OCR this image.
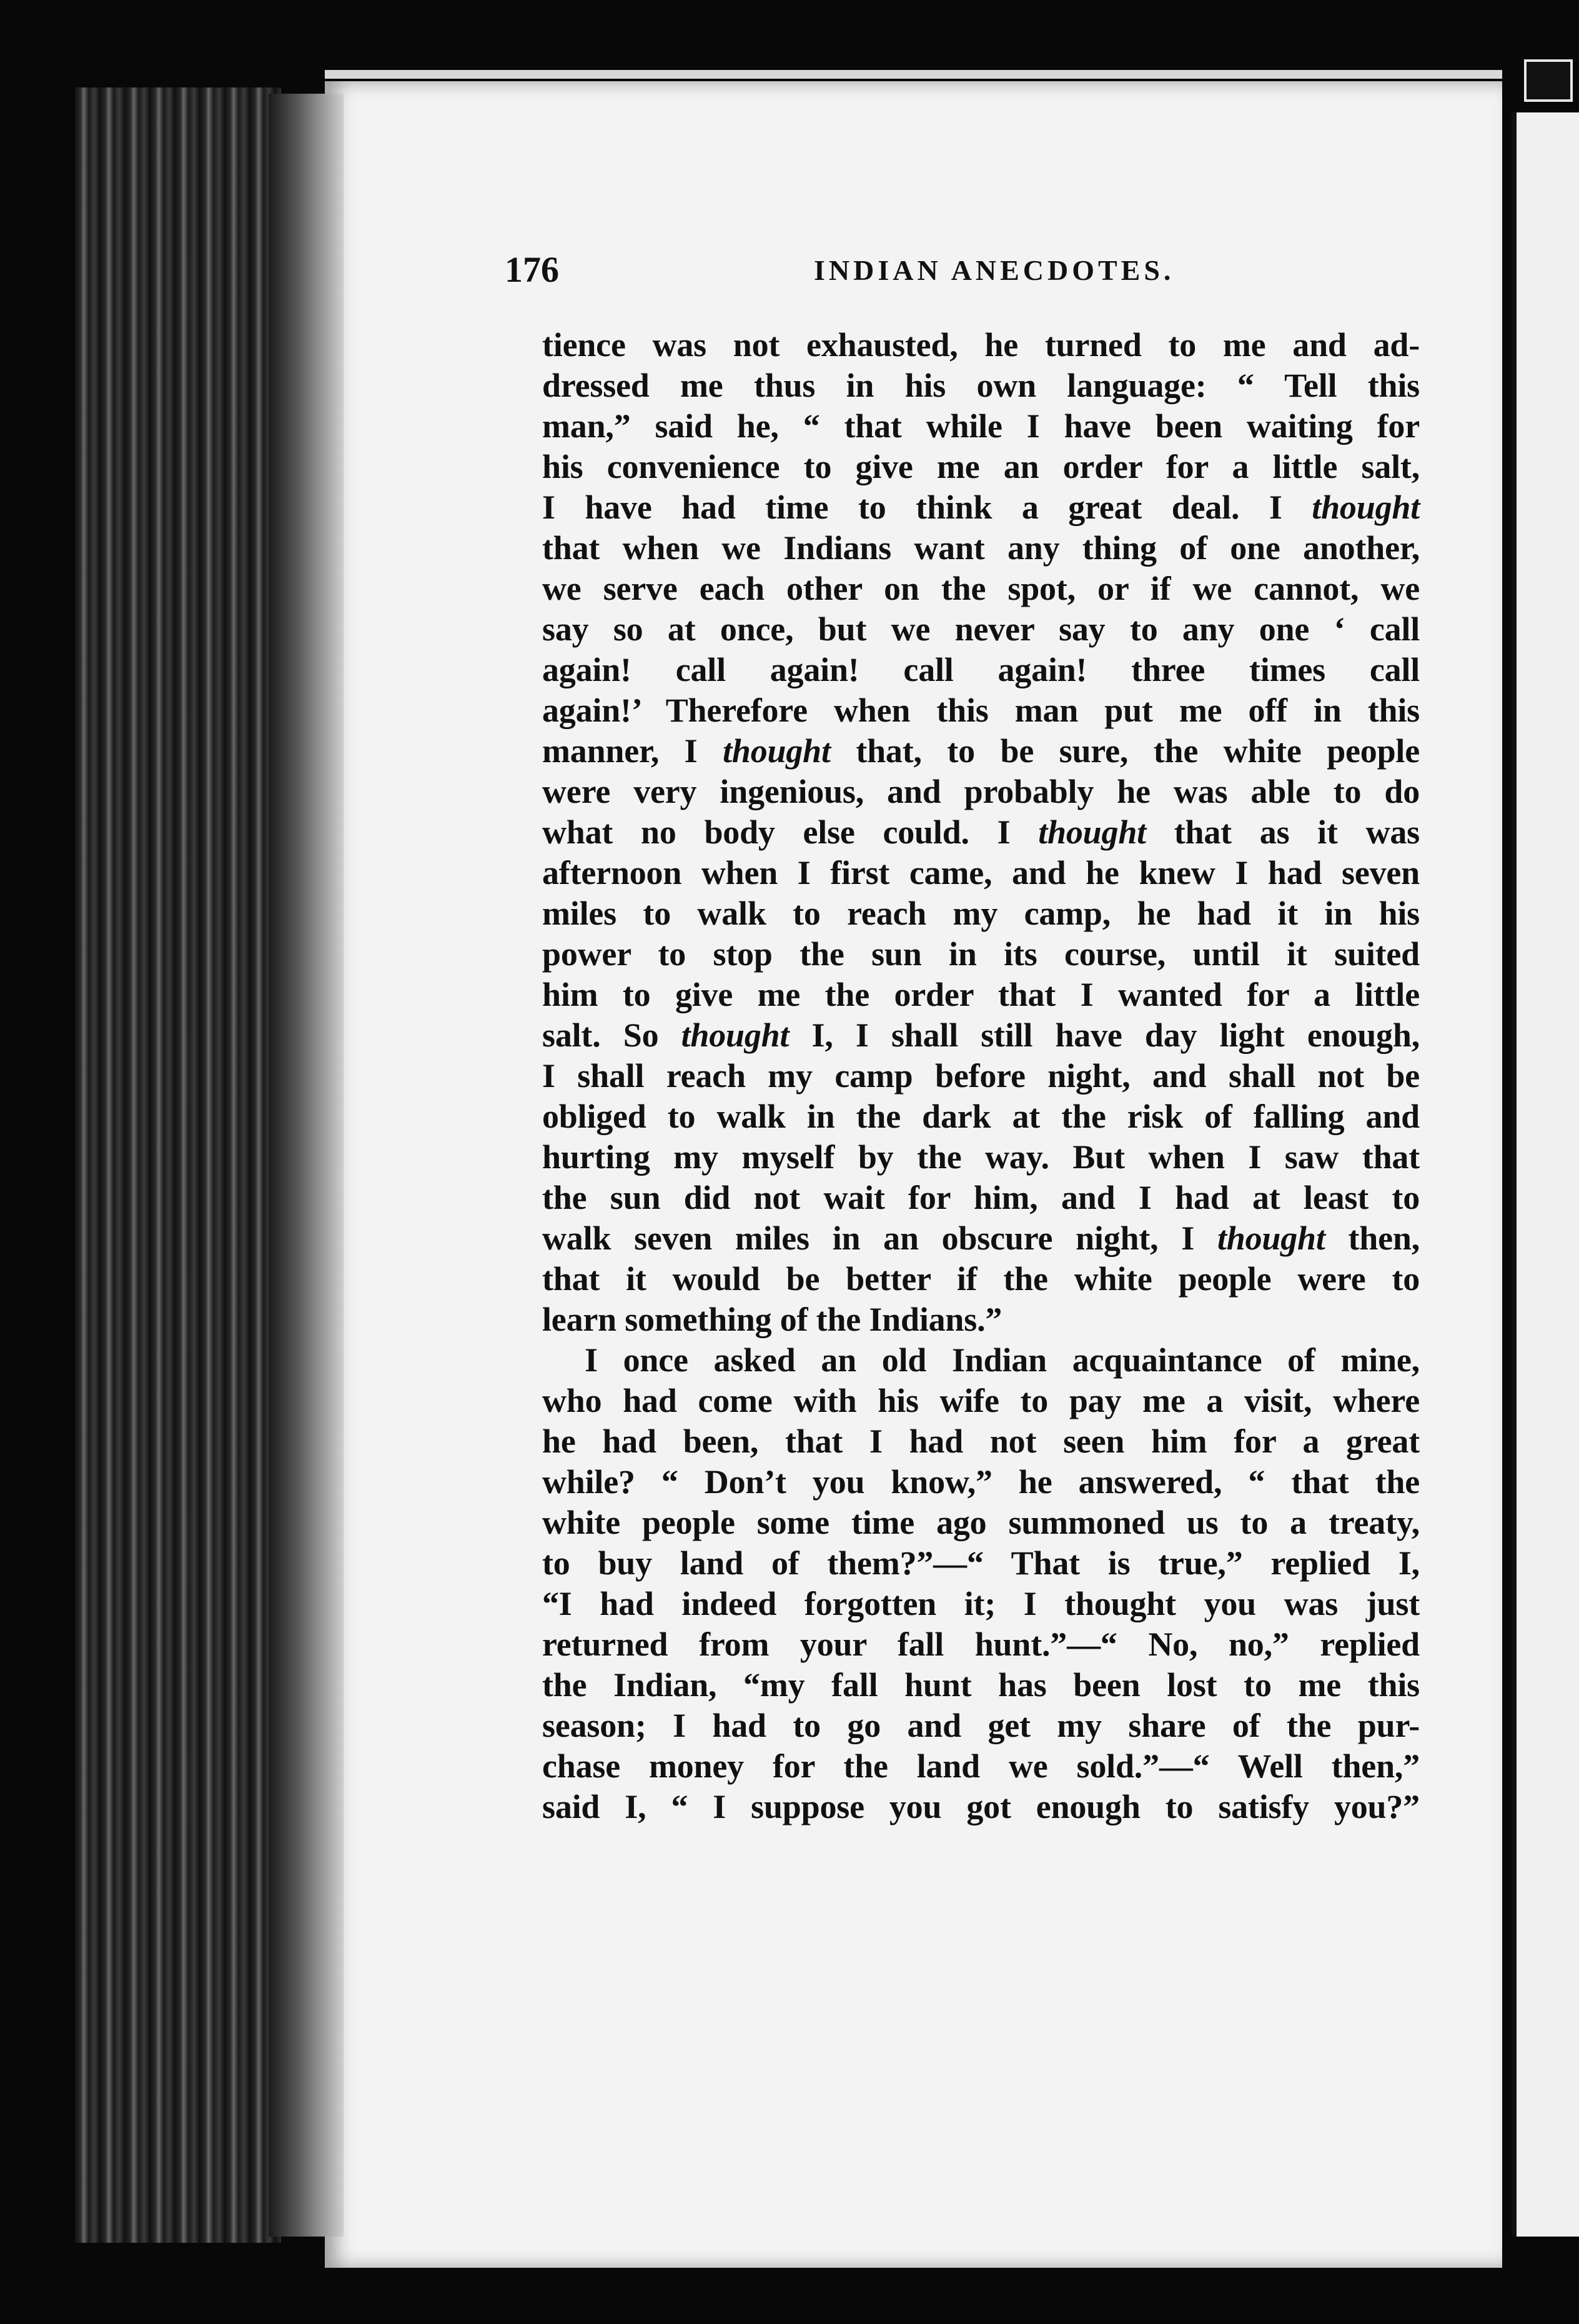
176	INDIAN ANECDOTES.
tience was not exhausted, he turned to me and ad-
dressed me thus in his own language: “ Tell this
man,” said he, “ that while I have been waiting for
his convenience to give me an order for a little salt,
I have had time to think a great deal. I thought
that when we Indians want any thing of one another,
we serve each other on the spot, or if we cannot, we
say so at once, but we never say to any one ‘ call
again! call again! call again! three times call
again!’ Therefore when this man put me off in this
manner, I thought that, to be sure, the white people
were very ingenious, and probably he was able to do
what no body else could. I thought that as it was
afternoon when I first came, and he knew I had seven
miles to walk to reach my camp, he had it in his
power to stop the sun in its course, until it suited
him to give me the order that I wanted for a little
salt. So thought I, I shall still have day light enough,
I shall reach my camp before night, and shall not be
obliged to walk in the dark at the risk of falling and
hurting my myself by the way. But when I saw that
the sun did not wait for him, and I had at least to
walk seven miles in an obscure night, I thought then,
that it would be better if the white people were to
learn something of the Indians.”
I once asked an old Indian acquaintance of mine,
who had come with his wife to pay me a visit, where
he had been, that I had not seen him for a great
while? “ Don’t you know,” he answered, “ that the
white people some time ago summoned us to a treaty,
to buy land of them?”—“ That is true,” replied I,
“I had indeed forgotten it; I thought you was just
returned from your fall hunt.”—“ No, no,” replied
the Indian, “my fall hunt has been lost to me this
season; I had to go and get my share of the pur-
chase money for the land we sold.”—“ Well then,”
said I, “ I suppose you got enough to satisfy you?”
